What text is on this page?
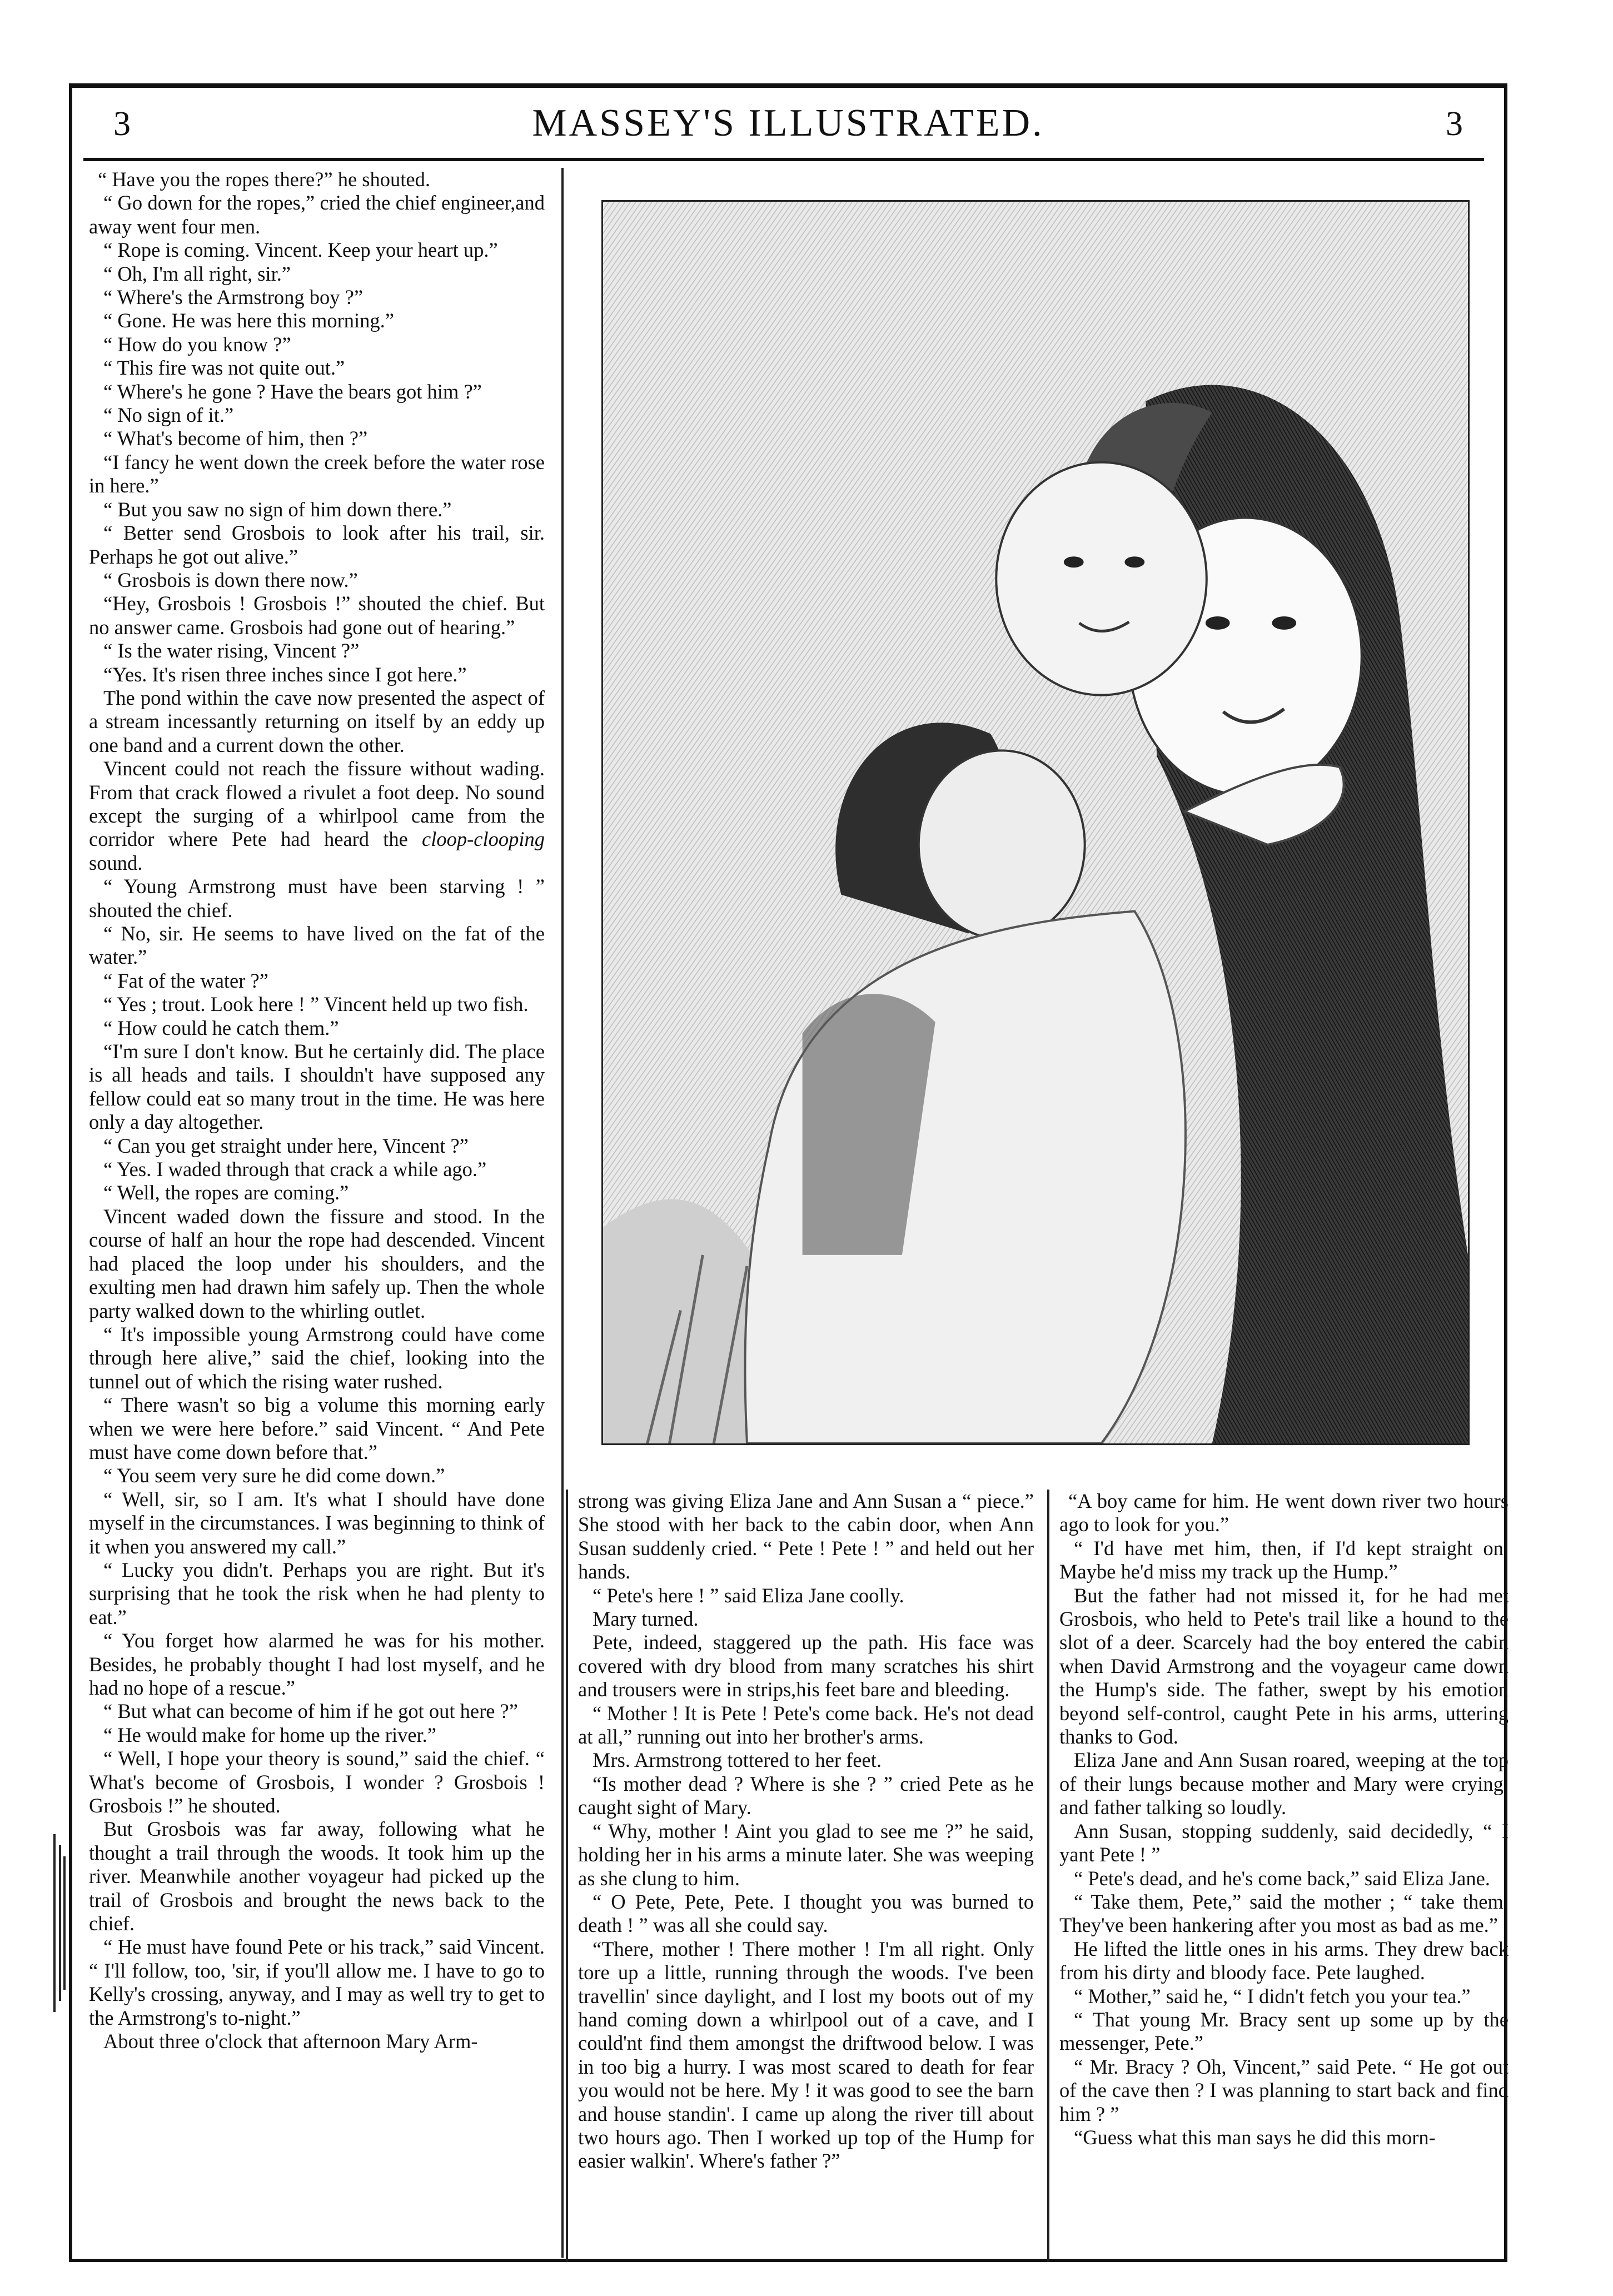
3	MASSEY'S ILLUSTRATED.	3

“ Have you the ropes there?” he shouted.

“ Go down for the ropes,” cried the chief engineer,and away went four men.

“ Rope is coming. Vincent. Keep your heart up.”

“ Oh, I'm all right, sir.”

“ Where's the Armstrong boy ?”

“ Gone. He was here this morning.”

“ How do you know ?”

“ This fire was not quite out.”

“ Where's he gone ? Have the bears got him ?”

“ No sign of it.”

“ What's become of him, then ?”

“I fancy he went down the creek before the water rose in here.”

“ But you saw no sign of him down there.”

“ Better send Grosbois to look after his trail, sir. Perhaps he got out alive.”

“ Grosbois is down there now.”

“Hey, Grosbois ! Grosbois !” shouted the chief. But no answer came. Grosbois had gone out of hearing.”

“ Is the water rising, Vincent ?”

“Yes. It's risen three inches since I got here.”

The pond within the cave now presented the aspect of a stream incessantly returning on itself by an eddy up one band and a current down the other.

Vincent could not reach the fissure without wading. From that crack flowed a rivulet a foot deep. No sound except the surging of a whirlpool came from the corridor where Pete had heard the cloop-clooping sound.

“ Young Armstrong must have been starving ! ” shouted the chief.

“ No, sir. He seems to have lived on the fat of the water.”

“ Fat of the water ?”

“ Yes ; trout. Look here ! ” Vincent held up two fish.

“ How could he catch them.”

“I'm sure I don't know. But he certainly did. The place is all heads and tails. I shouldn't have supposed any fellow could eat so many trout in the time. He was here only a day altogether.

“ Can you get straight under here, Vincent ?”

“ Yes. I waded through that crack a while ago.”

“ Well, the ropes are coming.”

Vincent waded down the fissure and stood. In the course of half an hour the rope had descended. Vincent had placed the loop under his shoulders, and the exulting men had drawn him safely up. Then the whole party walked down to the whirling outlet.

“ It's impossible young Armstrong could have come through here alive,” said the chief, looking into the tunnel out of which the rising water rushed.

“ There wasn't so big a volume this morning early when we were here before.” said Vincent. “ And Pete must have come down before that.”

“ You seem very sure he did come down.”

“ Well, sir, so I am. It's what I should have done myself in the circumstances. I was beginning to think of it when you answered my call.”

“ Lucky you didn't. Perhaps you are right. But it's surprising that he took the risk when he had plenty to eat.”

“ You forget how alarmed he was for his mother. Besides, he probably thought I had lost myself, and he had no hope of a rescue.”

“ But what can become of him if he got out here ?”

“ He would make for home up the river.”

“ Well, I hope your theory is sound,” said the chief. “ What's become of Grosbois, I wonder ? Grosbois ! Grosbois !” he shouted.

But Grosbois was far away, following what he thought a trail through the woods. It took him up the river. Meanwhile another voyageur had picked up the trail of Grosbois and brought the news back to the chief.

“ He must have found Pete or his track,” said Vincent. “ I'll follow, too, 'sir, if you'll allow me. I have to go to Kelly's crossing, anyway, and I may as well try to get to the Armstrong's to-night.”

About three o'clock that afternoon Mary Arm-

strong was giving Eliza Jane and Ann Susan a “ piece.” She stood with her back to the cabin door, when Ann Susan suddenly cried. “ Pete ! Pete ! ” and held out her hands.

“ Pete's here ! ” said Eliza Jane coolly.

Mary turned.

Pete, indeed, staggered up the path. His face was covered with dry blood from many scratches his shirt and trousers were in strips,his feet bare and bleeding.

“ Mother ! It is Pete ! Pete's come back. He's not dead at all,” running out into her brother's arms.

Mrs. Armstrong tottered to her feet.

“Is mother dead ? Where is she ? ” cried Pete as he caught sight of Mary.

“ Why, mother ! Aint you glad to see me ?” he said, holding her in his arms a minute later. She was weeping as she clung to him.

“ O Pete, Pete, Pete. I thought you was burned to death ! ” was all she could say.

“There, mother ! There mother ! I'm all right. Only tore up a little, running through the woods. I've been travellin' since daylight, and I lost my boots out of my hand coming down a whirlpool out of a cave, and I could'nt find them amongst the driftwood below. I was in too big a hurry. I was most scared to death for fear you would not be here. My ! it was good to see the barn and house standin'. I came up along the river till about two hours ago. Then I worked up top of the Hump for easier walkin'. Where's father ?”

“A boy came for him. He went down river two hours ago to look for you.”

“ I'd have met him, then, if I'd kept straight on. Maybe he'd miss my track up the Hump.”

But the father had not missed it, for he had met Grosbois, who held to Pete's trail like a hound to the slot of a deer. Scarcely had the boy entered the cabin when David Armstrong and the voyageur came down the Hump's side. The father, swept by his emotion beyond self-control, caught Pete in his arms, uttering thanks to God.

Eliza Jane and Ann Susan roared, weeping at the top of their lungs because mother and Mary were crying, and father talking so loudly.

Ann Susan, stopping suddenly, said decidedly, “ I yant Pete ! ”

“ Pete's dead, and he's come back,” said Eliza Jane.

“ Take them, Pete,” said the mother ; “ take them. They've been hankering after you most as bad as me.”

He lifted the little ones in his arms. They drew back from his dirty and bloody face. Pete laughed.

“ Mother,” said he, “ I didn't fetch you your tea.”

“ That young Mr. Bracy sent up some up by the messenger, Pete.”

“ Mr. Bracy ? Oh, Vincent,” said Pete. “ He got out of the cave then ? I was planning to start back and find him ? ”

“Guess what this man says he did this morn-
